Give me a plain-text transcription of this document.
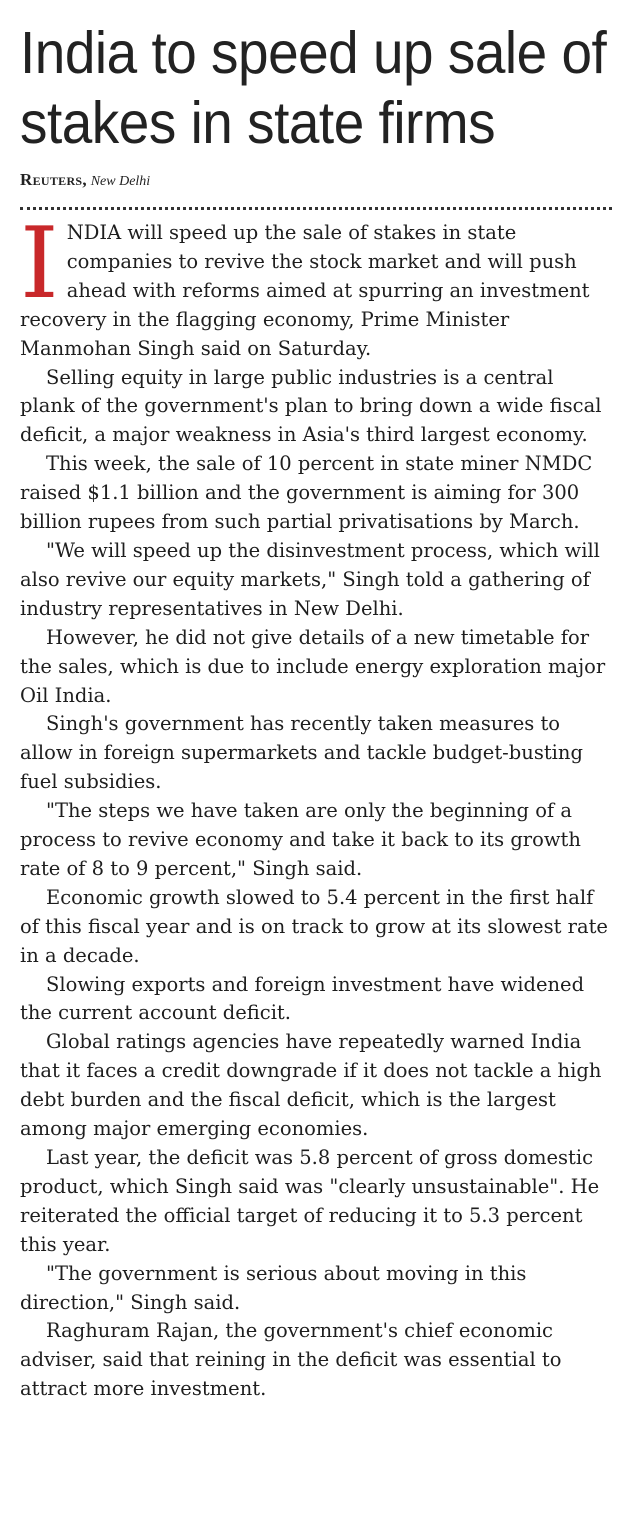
India to speed up sale of stakes in state firms
Reuters, New Delhi

INDIA will speed up the sale of stakes in state companies to revive the stock market and will push ahead with reforms aimed at spurring an investment recovery in the flagging economy, Prime Minister Manmohan Singh said on Saturday.

Selling equity in large public industries is a central plank of the government's plan to bring down a wide fiscal deficit, a major weakness in Asia's third largest economy.

This week, the sale of 10 percent in state miner NMDC raised $1.1 billion and the government is aiming for 300 billion rupees from such partial privatisations by March.

"We will speed up the disinvestment process, which will also revive our equity markets," Singh told a gathering of industry representatives in New Delhi.

However, he did not give details of a new timetable for the sales, which is due to include energy exploration major Oil India.

Singh's government has recently taken measures to allow in foreign supermarkets and tackle budget-busting fuel subsidies.

"The steps we have taken are only the beginning of a process to revive economy and take it back to its growth rate of 8 to 9 percent," Singh said.

Economic growth slowed to 5.4 percent in the first half of this fiscal year and is on track to grow at its slowest rate in a decade.

Slowing exports and foreign investment have widened the current account deficit.

Global ratings agencies have repeatedly warned India that it faces a credit downgrade if it does not tackle a high debt burden and the fiscal deficit, which is the largest among major emerging economies.

Last year, the deficit was 5.8 percent of gross domestic product, which Singh said was "clearly unsustainable". He reiterated the official target of reducing it to 5.3 percent this year.

"The government is serious about moving in this direction," Singh said.

Raghuram Rajan, the government's chief economic adviser, said that reining in the deficit was essential to attract more investment.
